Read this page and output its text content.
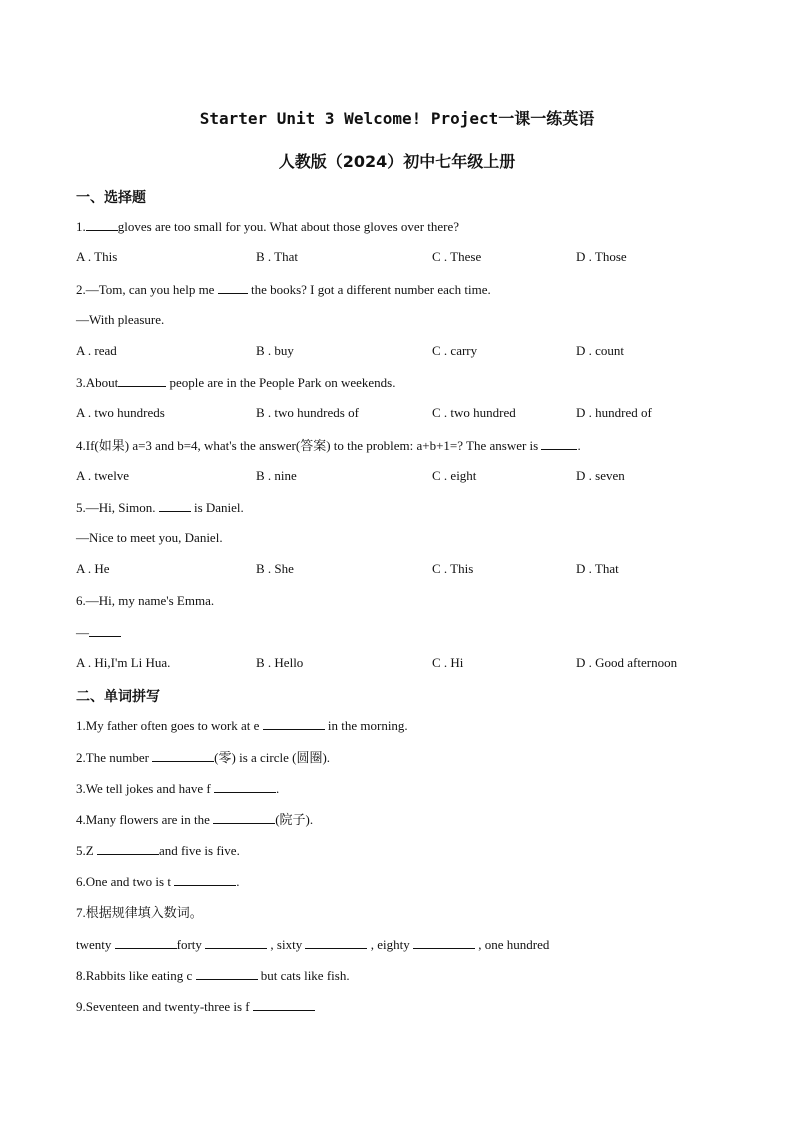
Starter Unit 3 Welcome! Project一课一练英语
人教版（2024）初中七年级上册
一、选择题
1. gloves are too small for you. What about those gloves over there?
A . This	B . That	C . These	D . Those
2.—Tom, can you help me  the books? I got a different number each time.
—With pleasure.
A . read	B . buy	C . carry	D . count
3.About	people are in the People Park on weekends.
A . two hundreds	B . two hundreds of	C . two hundred	D . hundred of
4.If(如果) a=3 and b=4, what's the answer(答案) to the problem: a+b+1=? The answer is	.
A . twelve	B . nine	C . eight	D . seven
5.—Hi, Simon.  is Daniel.
—Nice to meet you, Daniel.
A . He	B . She	C . This	D . That
6.—Hi, my name's Emma.
—
A . Hi,I'm Li Hua.	B . Hello	C . Hi	D . Good afternoon
二、单词拼写
1.My father often goes to work at e	in the morning.
2.The number	(零) is a circle (圆圈).
3.We tell jokes and have f	.
4.Many flowers are in the	(院子).
5.Z	and five is five.
6.One and two is t	.
7.根据规律填入数词。
twenty	forty	, sixty	, eighty	, one hundred
8.Rabbits like eating c	but cats like fish.
9.Seventeen and twenty-three is f
